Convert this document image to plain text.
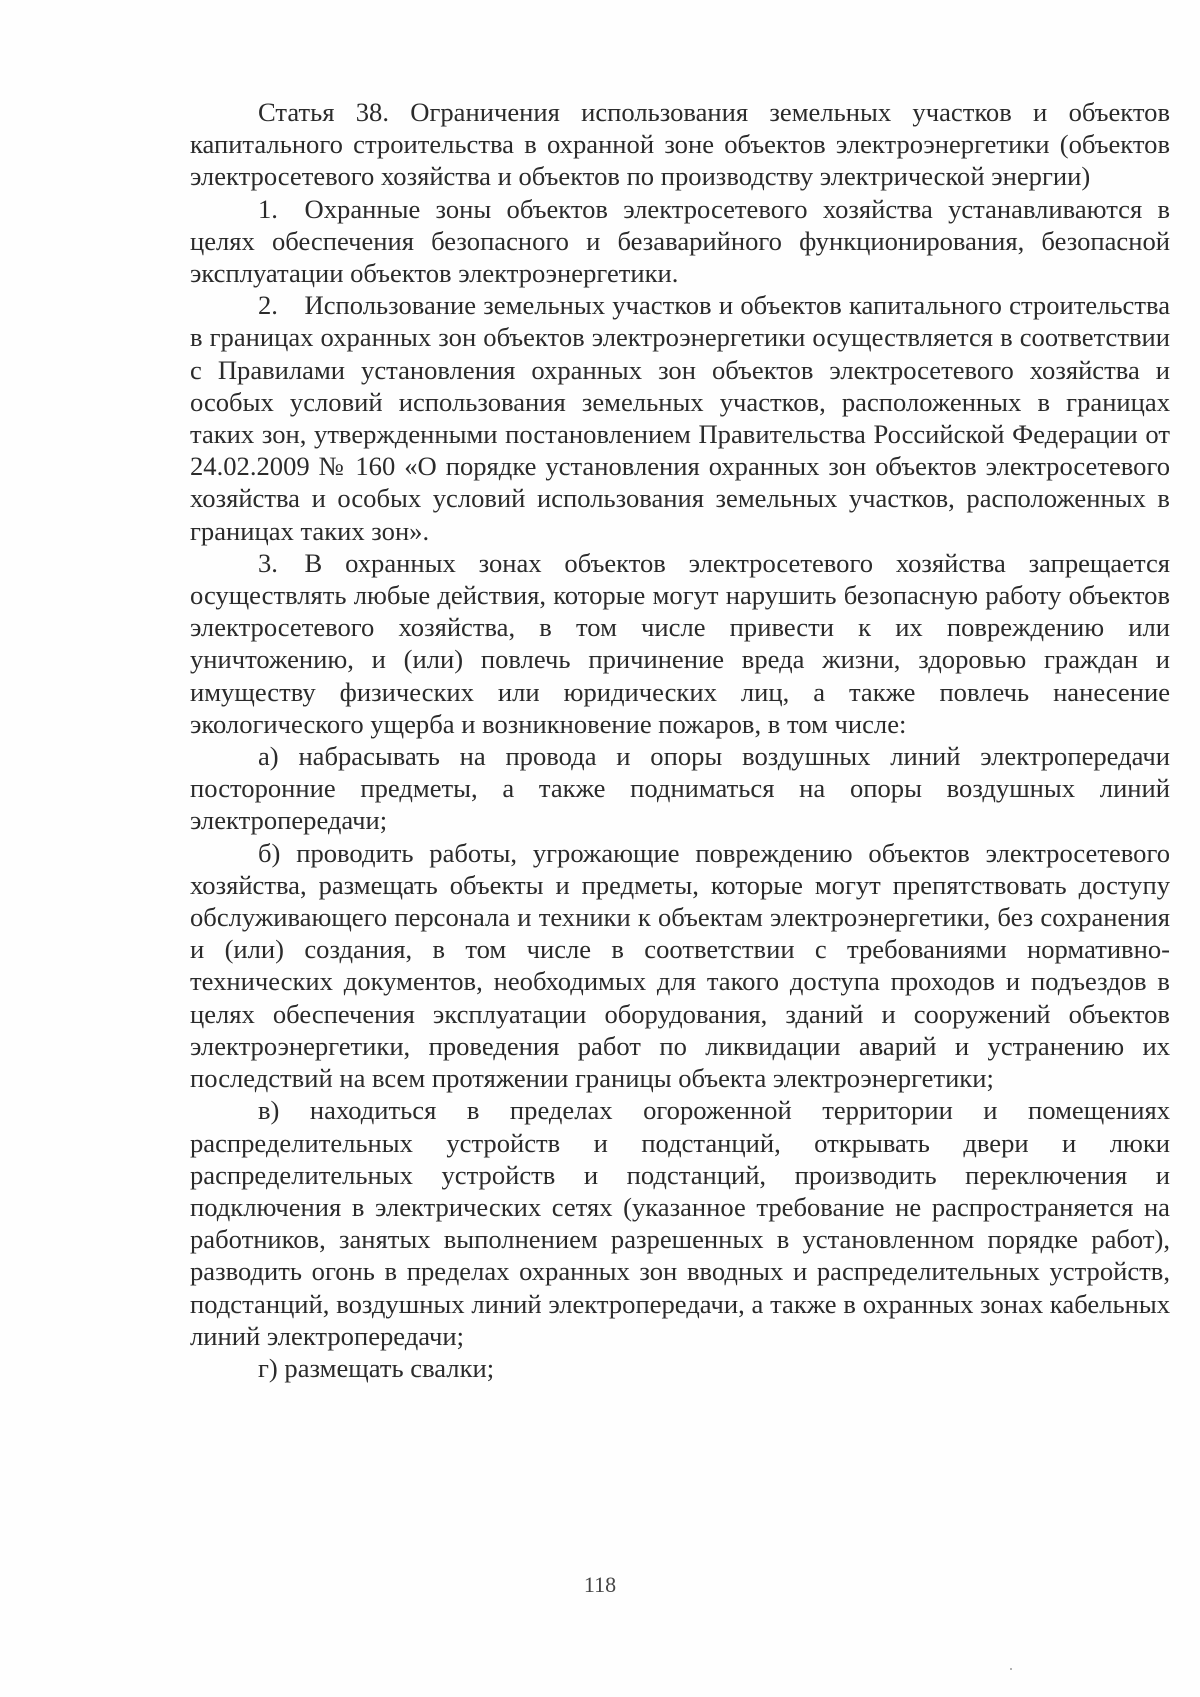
Статья 38. Ограничения использования земельных участков и объектов капитального строительства в охранной зоне объектов электроэнергетики (объектов электросетевого хозяйства и объектов по производству электрической энергии)

1. Охранные зоны объектов электросетевого хозяйства устанавливаются в целях обеспечения безопасного и безаварийного функционирования, безопасной эксплуатации объектов электроэнергетики.

2. Использование земельных участков и объектов капитального строительства в границах охранных зон объектов электроэнергетики осуществляется в соответствии с Правилами установления охранных зон объектов электросетевого хозяйства и особых условий использования земельных участков, расположенных в границах таких зон, утвержденными постановлением Правительства Российской Федерации от 24.02.2009 № 160 «О порядке установления охранных зон объектов электросетевого хозяйства и особых условий использования земельных участков, расположенных в границах таких зон».

3. В охранных зонах объектов электросетевого хозяйства запрещается осуществлять любые действия, которые могут нарушить безопасную работу объектов электросетевого хозяйства, в том числе привести к их повреждению или уничтожению, и (или) повлечь причинение вреда жизни, здоровью граждан и имуществу физических или юридических лиц, а также повлечь нанесение экологического ущерба и возникновение пожаров, в том числе:

а) набрасывать на провода и опоры воздушных линий электропередачи посторонние предметы, а также подниматься на опоры воздушных линий электропередачи;

б) проводить работы, угрожающие повреждению объектов электросетевого хозяйства, размещать объекты и предметы, которые могут препятствовать доступу обслуживающего персонала и техники к объектам электроэнергетики, без сохранения и (или) создания, в том числе в соответствии с требованиями нормативно-технических документов, необходимых для такого доступа проходов и подъездов в целях обеспечения эксплуатации оборудования, зданий и сооружений объектов электроэнергетики, проведения работ по ликвидации аварий и устранению их последствий на всем протяжении границы объекта электроэнергетики;

в) находиться в пределах огороженной территории и помещениях распределительных устройств и подстанций, открывать двери и люки распределительных устройств и подстанций, производить переключения и подключения в электрических сетях (указанное требование не распространяется на работников, занятых выполнением разрешенных в установленном порядке работ), разводить огонь в пределах охранных зон вводных и распределительных устройств, подстанций, воздушных линий электропередачи, а также в охранных зонах кабельных линий электропередачи;

г) размещать свалки;

118
